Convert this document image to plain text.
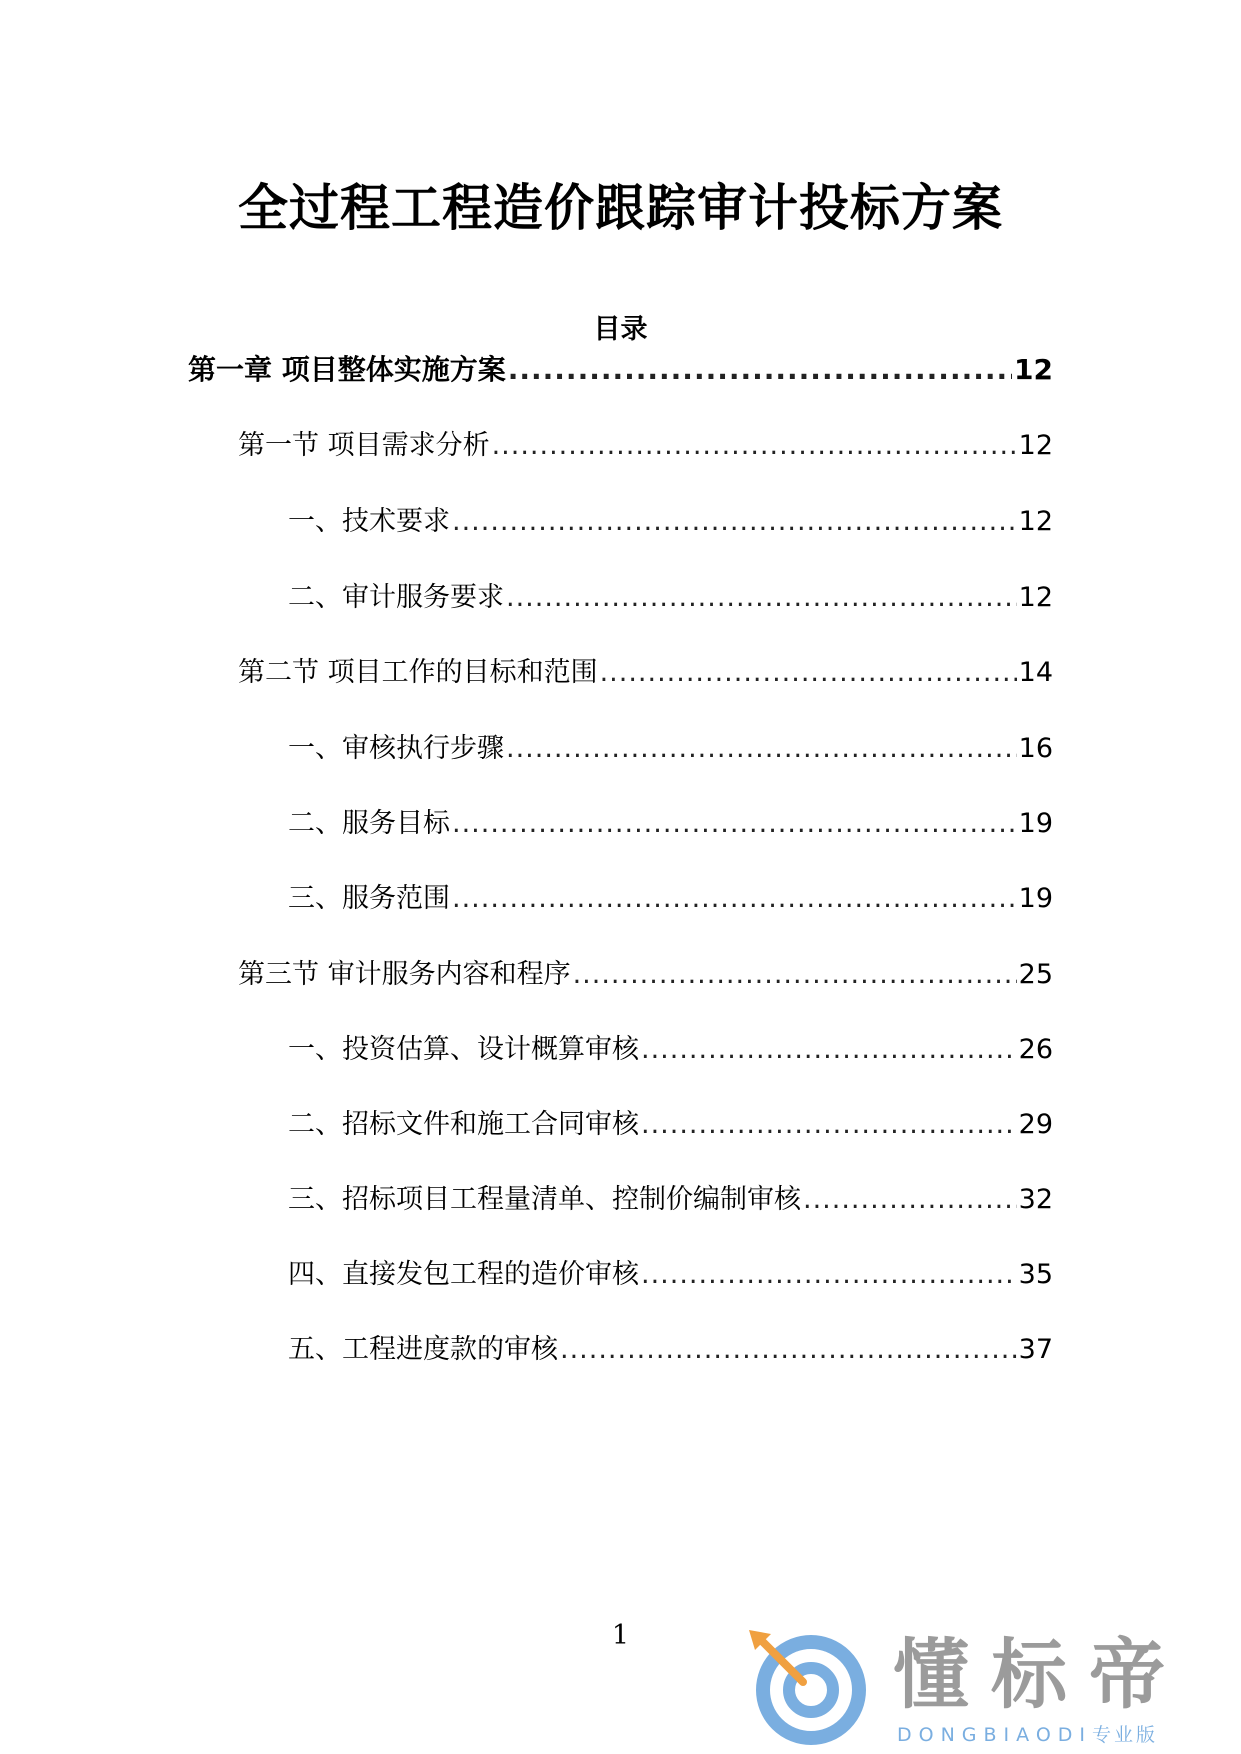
全过程工程造价跟踪审计投标方案
目录
第一章 项目整体实施方案 .....	12
第一节 项目需求分析 .....	12
一、技术要求 .....	12
二、审计服务要求 .....	12
第二节 项目工作的目标和范围 .....	14
一、审核执行步骤 .....	16
二、服务目标 .....	19
三、服务范围 .....	19
第三节 审计服务内容和程序 .....	25
一、投资估算、设计概算审核 .....	26
二、招标文件和施工合同审核 .....	29
三、招标项目工程量清单、控制价编制审核 .....	32
四、直接发包工程的造价审核 .....	35
五、工程进度款的审核 .....	37
1	懂标帝
DONGBIAODI专业版
